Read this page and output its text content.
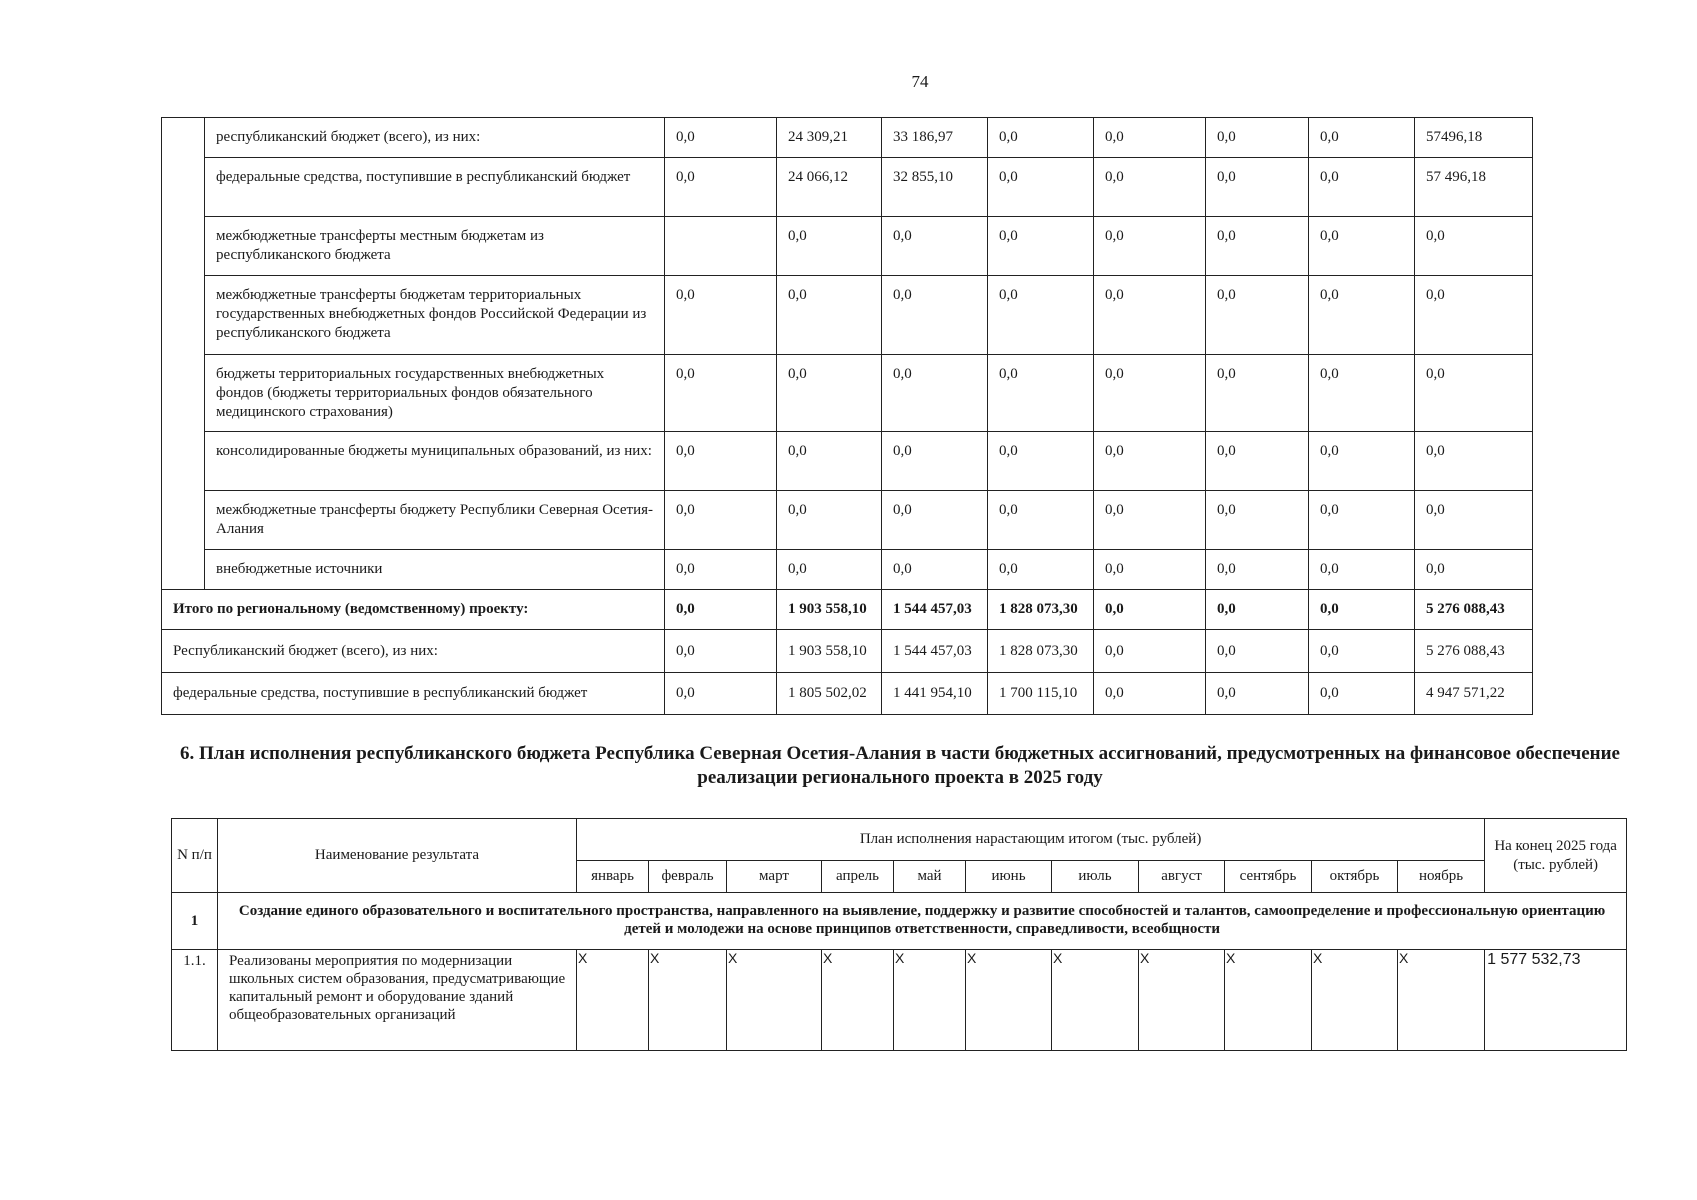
74
	республиканский бюджет (всего), из них:	0,0	24 309,21	33 186,97	0,0	0,0	0,0	0,0	57496,18
	федеральные средства, поступившие в республиканский бюджет	0,0	24 066,12	32 855,10	0,0	0,0	0,0	0,0	57 496,18
	межбюджетные трансферты местным бюджетам из республиканского бюджета		0,0	0,0	0,0	0,0	0,0	0,0	0,0
	межбюджетные трансферты бюджетам территориальных государственных внебюджетных фондов Российской Федерации из республиканского бюджета	0,0	0,0	0,0	0,0	0,0	0,0	0,0	0,0
	бюджеты территориальных государственных внебюджетных фондов (бюджеты территориальных фондов обязательного медицинского страхования)	0,0	0,0	0,0	0,0	0,0	0,0	0,0	0,0
	консолидированные бюджеты муниципальных образований, из них:	0,0	0,0	0,0	0,0	0,0	0,0	0,0	0,0
	межбюджетные трансферты бюджету Республики Северная Осетия-Алания	0,0	0,0	0,0	0,0	0,0	0,0	0,0	0,0
	внебюджетные источники	0,0	0,0	0,0	0,0	0,0	0,0	0,0	0,0
Итого по региональному (ведомственному) проекту:		0,0	1 903 558,10	1 544 457,03	1 828 073,30	0,0	0,0	0,0	5 276 088,43
Республиканский бюджет (всего), из них:		0,0	1 903 558,10	1 544 457,03	1 828 073,30	0,0	0,0	0,0	5 276 088,43
федеральные средства, поступившие в республиканский бюджет		0,0	1 805 502,02	1 441 954,10	1 700 115,10	0,0	0,0	0,0	4 947 571,22
6. План исполнения республиканского бюджета Республика Северная Осетия-Алания в части бюджетных ассигнований, предусмотренных на финансовое обеспечение реализации регионального проекта в 2025 году
N п/п	Наименование результата	План исполнения нарастающим итогом (тыс. рублей)											На конец 2025 года (тыс. рублей)
		январь	февраль	март	апрель	май	июнь	июль	август	сентябрь	октябрь	ноябрь	
1	Создание единого образовательного и воспитательного пространства, направленного на выявление, поддержку и развитие способностей и талантов, самоопределение и профессиональную ориентацию детей и молодежи на основе принципов ответственности, справедливости, всеобщности												
1.1.	Реализованы мероприятия по модернизации школьных систем образования, предусматривающие капитальный ремонт и оборудование зданий общеобразовательных организаций	X	X	X	X	X	X	X	X	X	X	X	1 577 532,73
